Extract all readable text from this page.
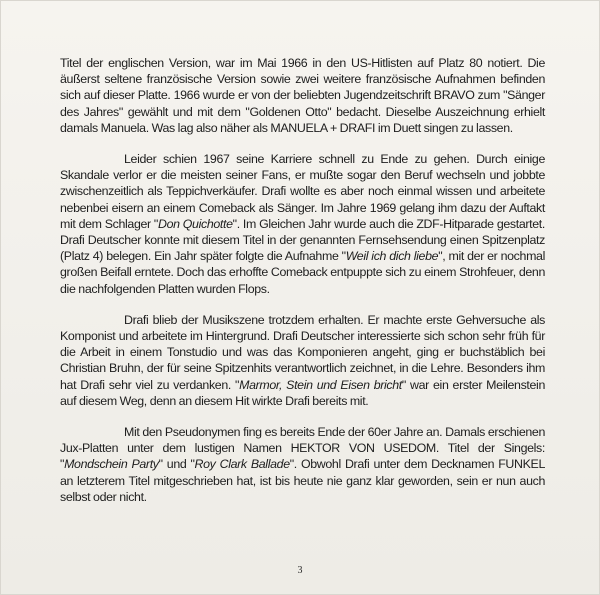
Titel der englischen Version, war im Mai 1966 in den US-Hitlisten auf Platz 80 notiert. Die äußerst seltene französische Version sowie zwei weitere französische Aufnahmen befinden sich auf dieser Platte. 1966 wurde er von der beliebten Jugendzeitschrift BRAVO zum "Sänger des Jahres" gewählt und mit dem "Goldenen Otto" bedacht. Dieselbe Auszeichnung erhielt damals Manuela. Was lag also näher als MANUELA + DRAFI im Duett singen zu lassen.

Leider schien 1967 seine Karriere schnell zu Ende zu gehen. Durch einige Skandale verlor er die meisten seiner Fans, er mußte sogar den Beruf wechseln und jobbte zwischenzeitlich als Teppichverkäufer. Drafi wollte es aber noch einmal wissen und arbeitete nebenbei eisern an einem Comeback als Sänger. Im Jahre 1969 gelang ihm dazu der Auftakt mit dem Schlager "Don Quichotte". Im Gleichen Jahr wurde auch die ZDF-Hitparade gestartet. Drafi Deutscher konnte mit diesem Titel in der genannten Fernsehsendung einen Spitzenplatz (Platz 4) belegen. Ein Jahr später folgte die Aufnahme "Weil ich dich liebe", mit der er nochmal großen Beifall erntete. Doch das erhoffte Comeback entpuppte sich zu einem Strohfeuer, denn die nachfolgenden Platten wurden Flops.

Drafi blieb der Musikszene trotzdem erhalten. Er machte erste Gehversuche als Komponist und arbeitete im Hintergrund. Drafi Deutscher interessierte sich schon sehr früh für die Arbeit in einem Tonstudio und was das Komponieren angeht, ging er buchstäblich bei Christian Bruhn, der für seine Spitzenhits verantwortlich zeichnet, in die Lehre. Besonders ihm hat Drafi sehr viel zu verdanken. "Marmor, Stein und Eisen bricht" war ein erster Meilenstein auf diesem Weg, denn an diesem Hit wirkte Drafi bereits mit.

Mit den Pseudonymen fing es bereits Ende der 60er Jahre an. Damals erschienen Jux-Platten unter dem lustigen Namen HEKTOR VON USEDOM. Titel der Singels: "Mondschein Party" und "Roy Clark Ballade". Obwohl Drafi unter dem Decknamen FUNKEL an letzterem Titel mitgeschrieben hat, ist bis heute nie ganz klar geworden, sein er nun auch selbst oder nicht.

3
